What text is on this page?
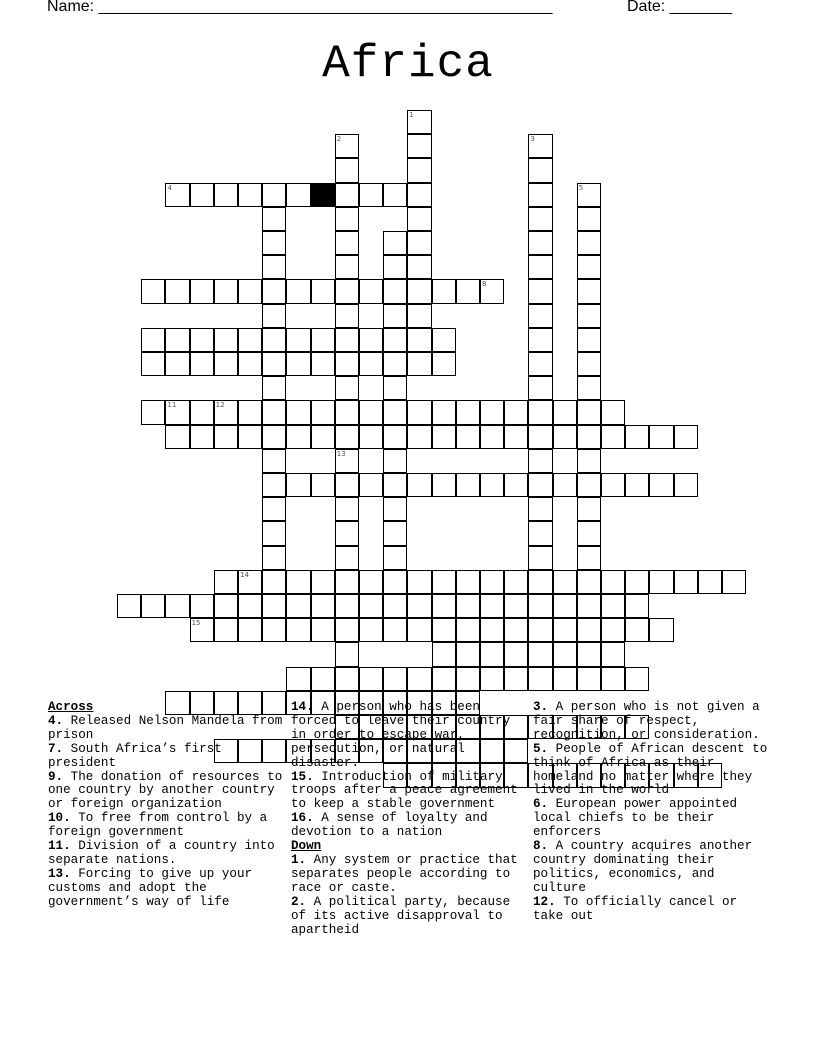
Name: ___________________________________________________	Date: _______
Africa
1
2
13
3
5
4
8
11	12
14
15

Across

4. Released Nelson Mandela from prison

7. South Africa’s first president

9. The donation of resources to one country by another country or foreign organization

10. To free from control by a foreign government

11. Division of a country into separate nations.

13. Forcing to give up your customs and adopt the government’s way of life

14. A person who has been forced to leave their country in order to escape war, persecution, or natural disaster.

15. Introduction of military troops after a peace agreement to keep a stable government

16. A sense of loyalty and devotion to a nation

Down

1. Any system or practice that separates people according to race or caste.

2. A political party, because of its active disapproval to apartheid

3. A person who is not given a fair share of respect, recognition, or consideration.

5. People of African descent to think of Africa as their homeland no matter where they lived in the world

6. European power appointed local chiefs to be their enforcers

8. A country acquires another country dominating their politics, economics, and culture

12. To officially cancel or take out
